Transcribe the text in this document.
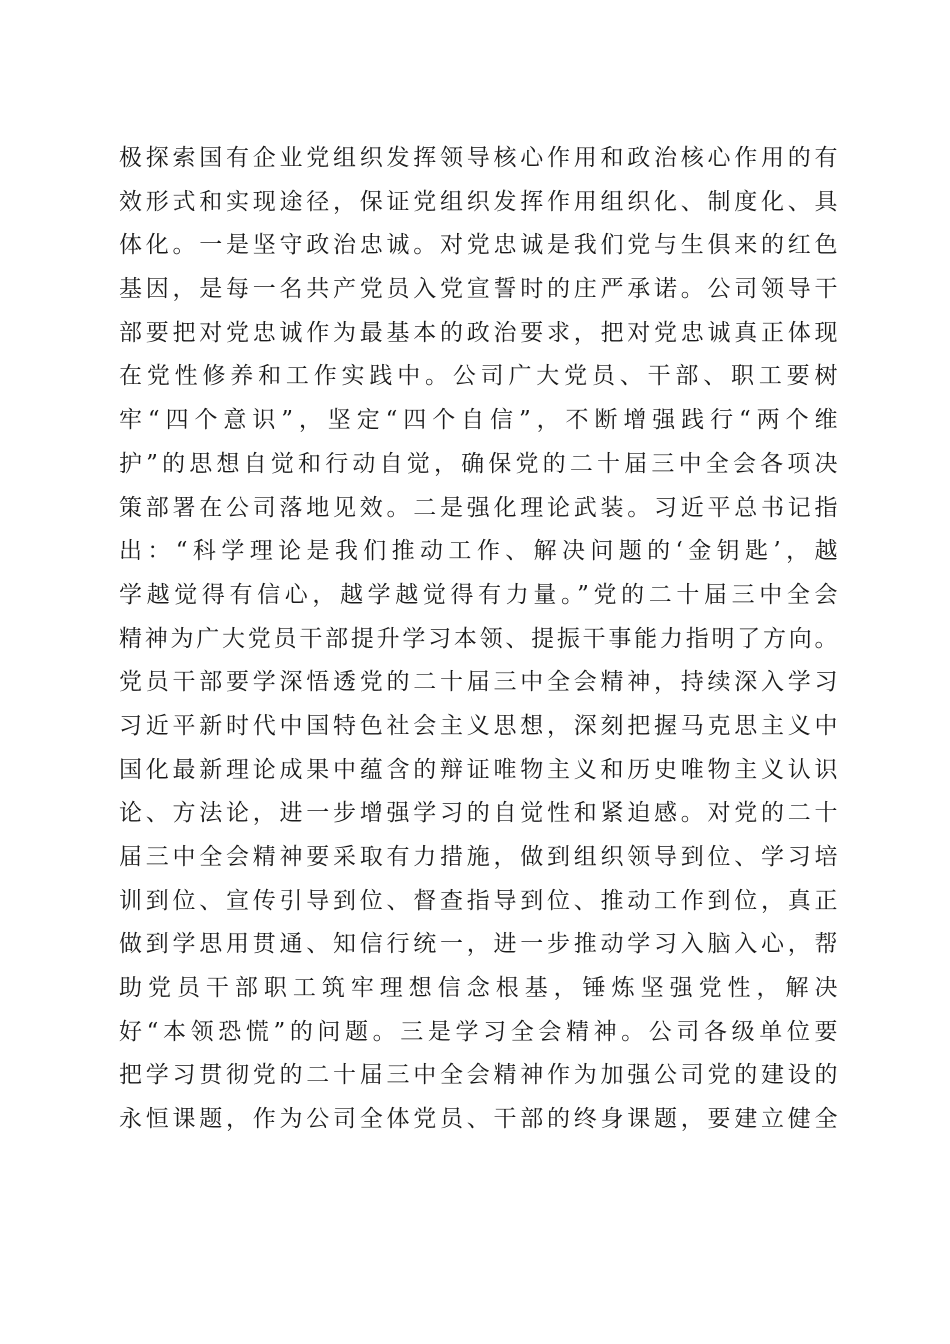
极探索国有企业党组织发挥领导核心作用和政治核心作用的有
效形式和实现途径，保证党组织发挥作用组织化、制度化、具
体化。一是坚守政治忠诚。对党忠诚是我们党与生俱来的红色
基因，是每一名共产党员入党宣誓时的庄严承诺。公司领导干
部要把对党忠诚作为最基本的政治要求，把对党忠诚真正体现
在党性修养和工作实践中。公司广大党员、干部、职工要树
牢“四个意识”，坚定“四个自信”，不断增强践行“两个维
护”的思想自觉和行动自觉，确保党的二十届三中全会各项决
策部署在公司落地见效。二是强化理论武装。习近平总书记指
出：“科学理论是我们推动工作、解决问题的‘金钥匙’，越
学越觉得有信心，越学越觉得有力量。”党的二十届三中全会
精神为广大党员干部提升学习本领、提振干事能力指明了方向。
党员干部要学深悟透党的二十届三中全会精神，持续深入学习
习近平新时代中国特色社会主义思想，深刻把握马克思主义中
国化最新理论成果中蕴含的辩证唯物主义和历史唯物主义认识
论、方法论，进一步增强学习的自觉性和紧迫感。对党的二十
届三中全会精神要采取有力措施，做到组织领导到位、学习培
训到位、宣传引导到位、督查指导到位、推动工作到位，真正
做到学思用贯通、知信行统一，进一步推动学习入脑入心，帮
助党员干部职工筑牢理想信念根基，锤炼坚强党性，解决
好“本领恐慌”的问题。三是学习全会精神。公司各级单位要
把学习贯彻党的二十届三中全会精神作为加强公司党的建设的
永恒课题，作为公司全体党员、干部的终身课题，要建立健全
